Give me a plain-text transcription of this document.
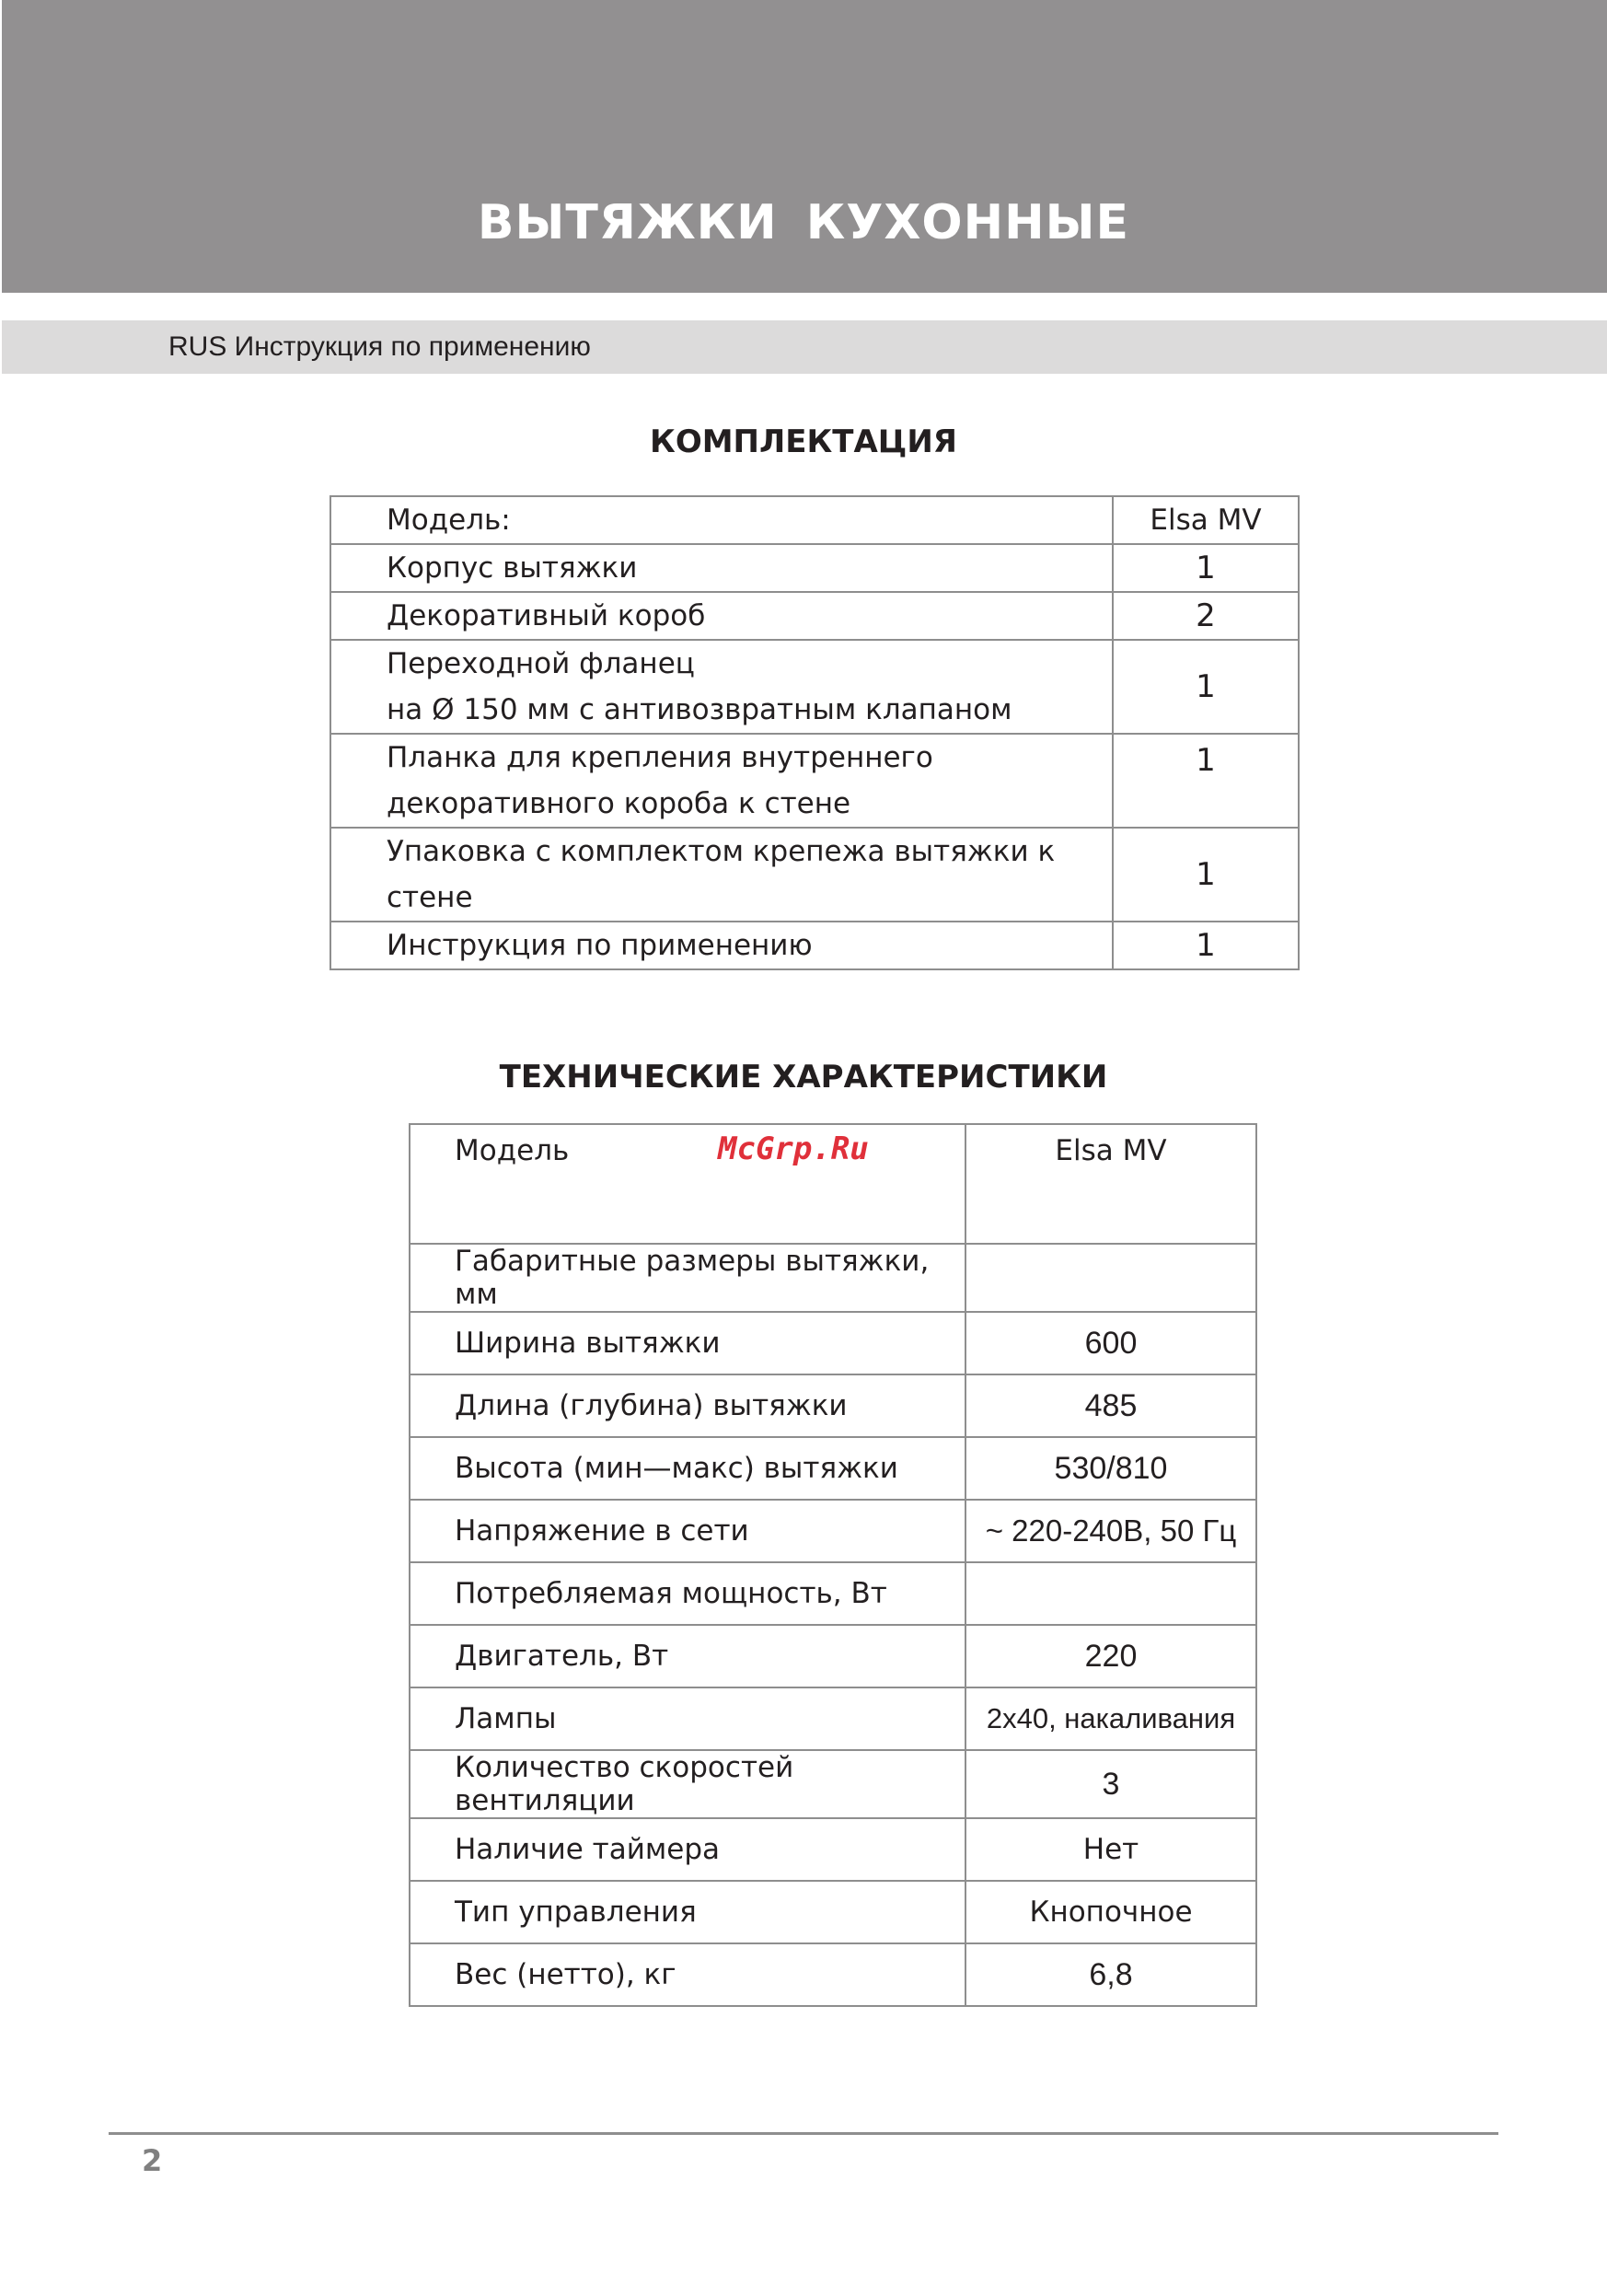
ВЫТЯЖКИ КУХОННЫЕ
RUS Инструкция по применению
КОМПЛЕКТАЦИЯ
Модель:	Elsa MV
Корпус вытяжки	1
Декоративный короб	2

Переходной фланец
на Ø 150 мм с антивозвратным клапаном	1

Планка для крепления внутреннего
декоративного короба к стене	1
Упаковка с комплектом крепежа вытяжки к стене	1
Инструкция по применению	1
ТЕХНИЧЕСКИЕ ХАРАКТЕРИСТИКИ
Модель	Elsa MV
Габаритные размеры вытяжки, мм	
Ширина вытяжки	600
Длина (глубина) вытяжки	485
Высота (мин—макс) вытяжки	530/810
Напряжение в сети	~ 220-240В, 50 Гц
Потребляемая мощность, Вт	
Двигатель, Вт	220
Лампы	2x40, накаливания
Количество скоростей вентиляции	3
Наличие таймера	Нет
Тип управления	Кнопочное
Вес (нетто), кг	6,8
McGrp.Ru
2
